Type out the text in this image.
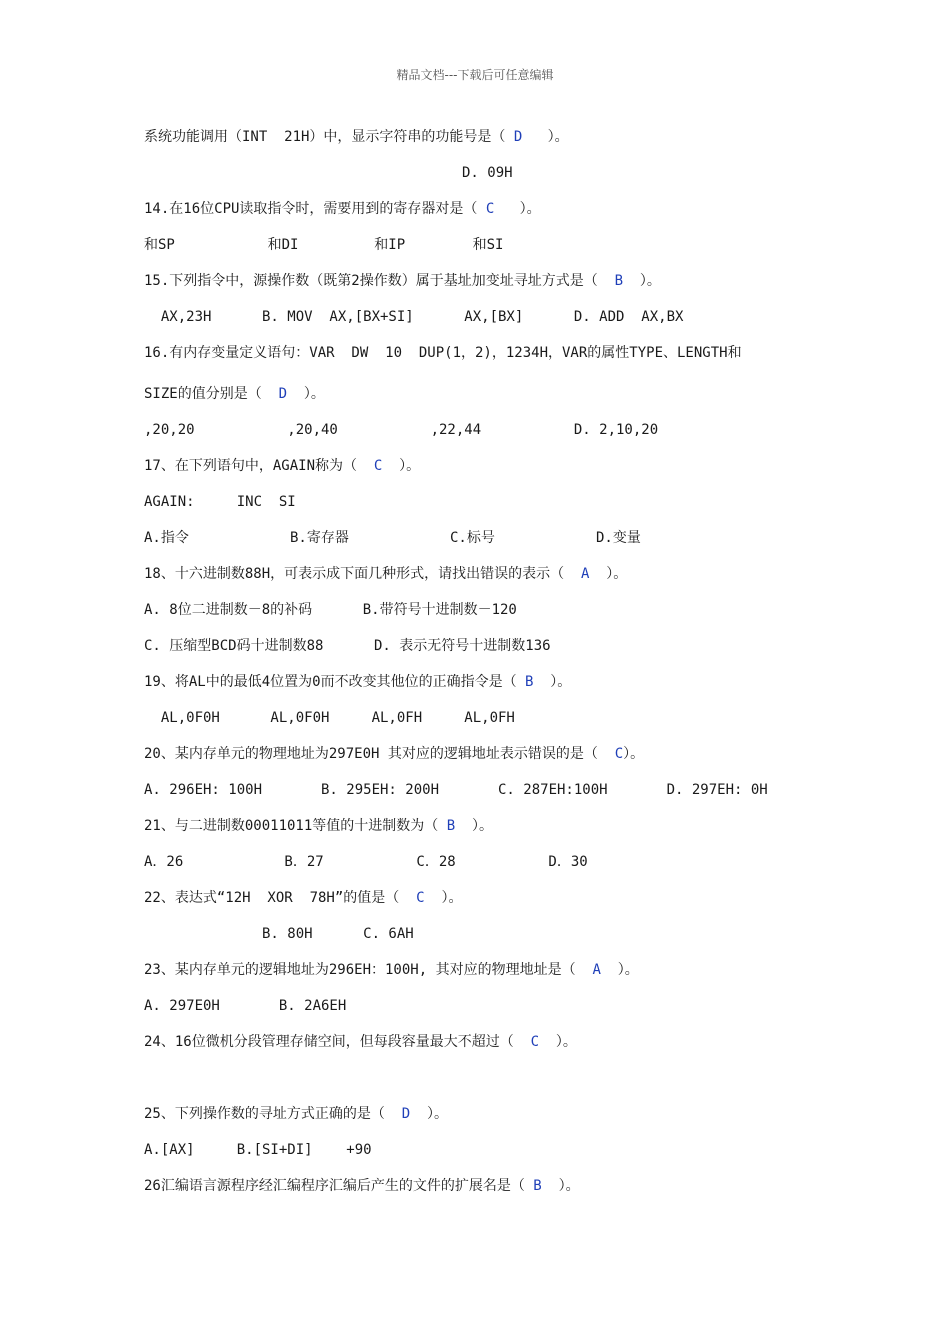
精品文档---下载后可任意编辑
系统功能调用（INT  21H）中，显示字符串的功能号是（ D   ）。
D. 09H
14.在16位CPU读取指令时，需要用到的寄存器对是（ C   ）。
和SP           和DI         和IP        和SI
15.下列指令中，源操作数（既第2操作数）属于基址加变址寻址方式是（  B  ）。
AX,23H      B. MOV  AX,[BX+SI]      AX,[BX]      D. ADD  AX,BX
16.有内存变量定义语句：VAR  DW  10  DUP(1，2)，1234H，VAR的属性TYPE、LENGTH和
SIZE的值分别是（  D  ）。
,20,20           ,20,40           ,22,44           D. 2,10,20
17、在下列语句中，AGAIN称为（  C  ）。
AGAIN:     INC  SI
A.指令            B.寄存器            C.标号            D.变量
18、十六进制数88H，可表示成下面几种形式，请找出错误的表示（  A  ）。
A. 8位二进制数－8的补码      B.带符号十进制数－120
C. 压缩型BCD码十进制数88      D. 表示无符号十进制数136
19、将AL中的最低4位置为0而不改变其他位的正确指令是（ B  ）。
AL,0F0H      AL,0F0H     AL,0FH     AL,0FH
20、某内存单元的物理地址为297E0H 其对应的逻辑地址表示错误的是（  C）。
A. 296EH: 100H       B. 295EH: 200H       C. 287EH:100H       D. 297EH: 0H
21、与二进制数00011011等值的十进制数为（ B  ）。
A．26            B．27           C．28           D．30
22、表达式“12H  XOR  78H”的值是（  C  ）。
B. 80H      C. 6AH
23、某内存单元的逻辑地址为296EH：100H, 其对应的物理地址是（  A  ）。
A. 297E0H       B. 2A6EH
24、16位微机分段管理存储空间，但每段容量最大不超过（  C  ）。
25、下列操作数的寻址方式正确的是（  D  ）。
A.[AX]     B.[SI+DI]    +90
26汇编语言源程序经汇编程序汇编后产生的文件的扩展名是（ B  ）。
